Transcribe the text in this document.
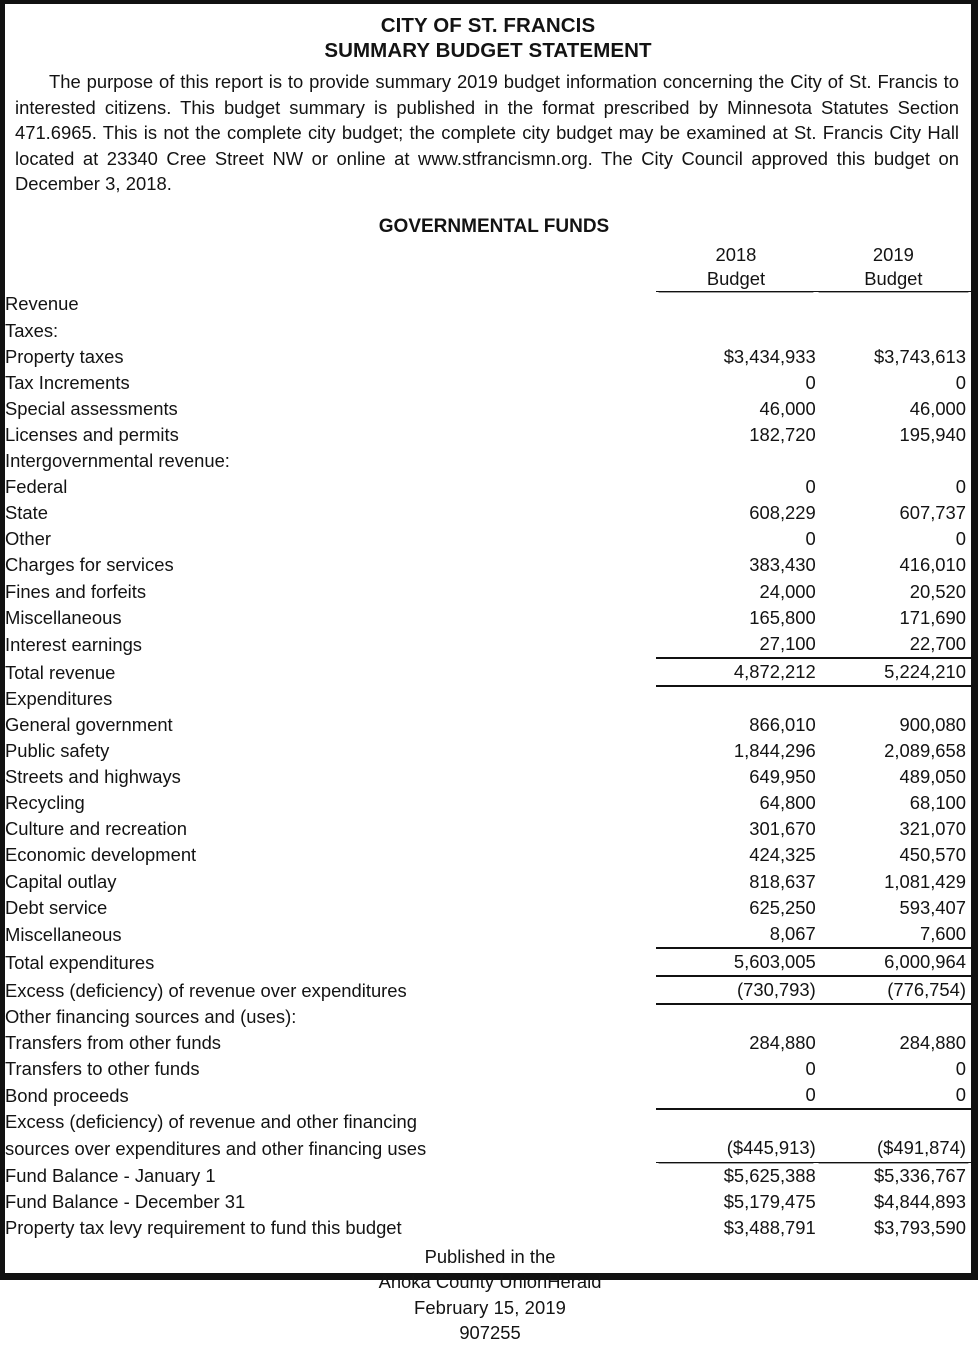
CITY OF ST. FRANCIS
SUMMARY BUDGET STATEMENT

The purpose of this report is to provide summary 2019 budget information concerning the City of St. Francis to interested citizens. This budget summary is published in the format prescribed by Minnesota Statutes Section 471.6965. This is not the complete city budget; the complete city budget may be examined at St. Francis City Hall located at 23340 Cree Street NW or online at www.stfrancismn.org. The City Council approved this budget on December 3, 2018.

GOVERNMENTAL FUNDS
	2018	2019
	Budget	Budget
Revenue		
Taxes:		
Property taxes	$3,434,933	$3,743,613
Tax Increments	0	0
Special assessments	46,000	46,000
Licenses and permits	182,720	195,940
Intergovernmental revenue:		
Federal	0	0
State	608,229	607,737
Other	0	0
Charges for services	383,430	416,010
Fines and forfeits	24,000	20,520
Miscellaneous	165,800	171,690
Interest earnings	27,100	22,700
Total revenue	4,872,212	5,224,210
Expenditures		
General government	866,010	900,080
Public safety	1,844,296	2,089,658
Streets and highways	649,950	489,050
Recycling	64,800	68,100
Culture and recreation	301,670	321,070
Economic development	424,325	450,570
Capital outlay	818,637	1,081,429
Debt service	625,250	593,407
Miscellaneous	8,067	7,600
Total expenditures	5,603,005	6,000,964
Excess (deficiency) of revenue over expenditures	(730,793)	(776,754)
Other financing sources and (uses):		
Transfers from other funds	284,880	284,880
Transfers to other funds	0	0
Bond proceeds	0	0
Excess (deficiency) of revenue and other financing		
sources over expenditures and other financing uses	($445,913)	($491,874)
Fund Balance - January 1	$5,625,388	$5,336,767
Fund Balance - December 31	$5,179,475	$4,844,893
Property tax levy requirement to fund this budget	$3,488,791	$3,793,590
Published in the
Anoka County UnionHerald
February 15, 2019
907255
